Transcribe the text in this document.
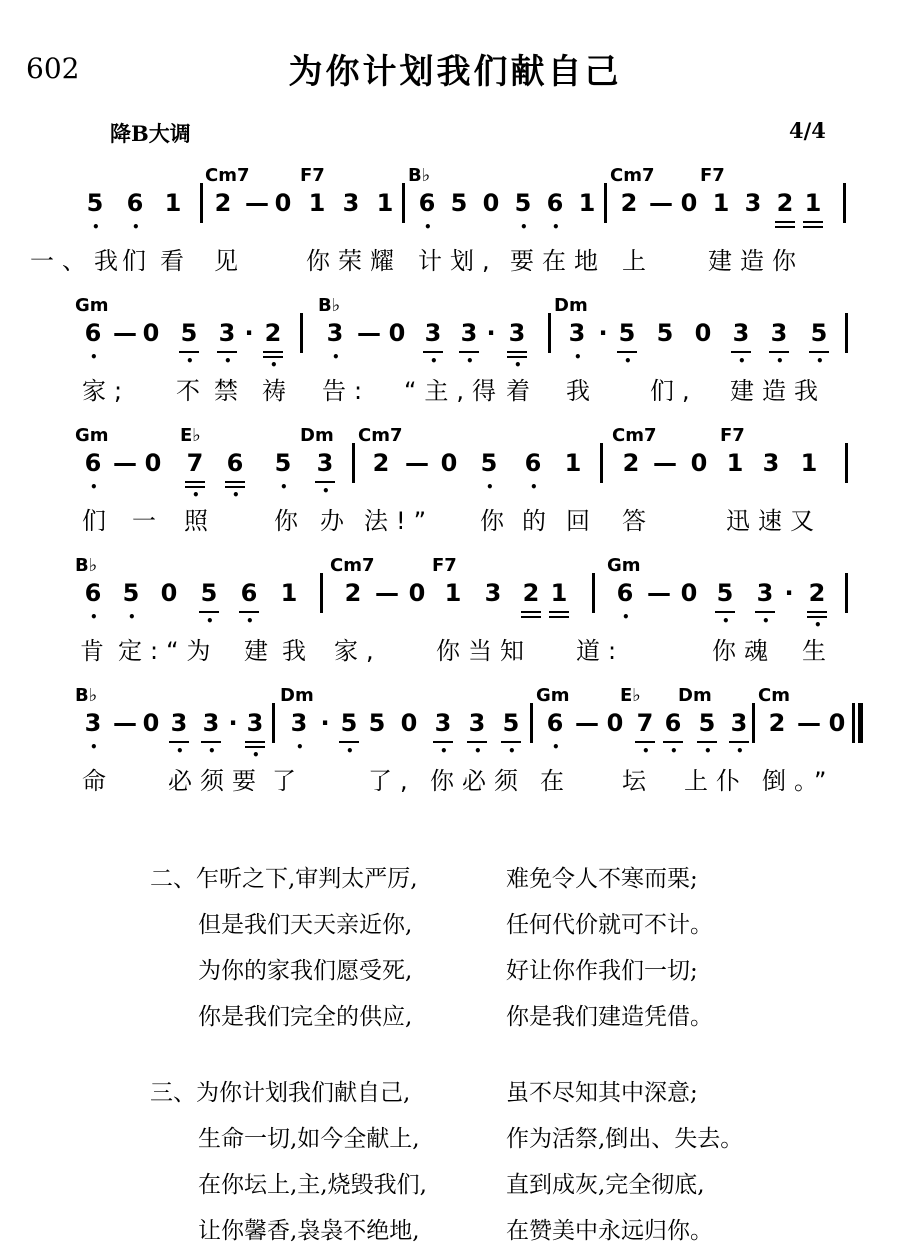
602	为你计划我们献自己
降B大调	4/4
Cm7	F7	B♭	Cm7	F7
5
•
6
•
1 2 — 0 1 3 1 6
•
5 0 5
•
6
•
1 2 — 0 1 3 2 1
一、我
们 看 见	你荣耀 计划, 要在地 上 建造你
Gm	B♭	Dm
6
•
— 0 5
•
3
•
· 2
•
3
•
— 0 3
•
3
•
· 3
•
3
•
· 5
•
5 0 3
•
3
•
5
•
家; 不 禁 祷 告: “主,得 着 我 们, 建造我
Gm	E♭	Dm Cm7	Cm7	F7
6
•
— 0 7
•
6
•
5
•
3
•
2 — 0 5
•
6
•
1 2 — 0 1 3 1
们 一 照 你 办 法!” 你 的 回 答	迅速又
B♭	Cm7	F7	Gm
6
•
5
•
0 5
•
6
•
1 2 — 0 1 3 2 1 6
•
— 0 5
•
3
•
· 2
•
肯 定:“为 建 我 家, 你当知 道:	你魂 生
B♭	Dm	Gm	E♭ Dm	Cm
3
•
— 0 3
•
3
•
· 3
•
3
•
· 5
•
5 0 3
•
3
•
5
•
6
•
— 0 7
•
6
•
5
•
3
•
2 — 0
命 必须要 了	了, 你必须 在 坛 上仆 倒。”
二、乍听之下,审判太严厉,	难免令人不寒而栗;
但是我们天天亲近你,	任何代价就可不计。
为你的家我们愿受死,	好让你作我们一切;
你是我们完全的供应,	你是我们建造凭借。
三、为你计划我们献自己,	虽不尽知其中深意;
生命一切,如今全献上,	作为活祭,倒出、失去。
在你坛上,主,烧毁我们,	直到成灰,完全彻底,
让你馨香,袅袅不绝地,	在赞美中永远归你。
